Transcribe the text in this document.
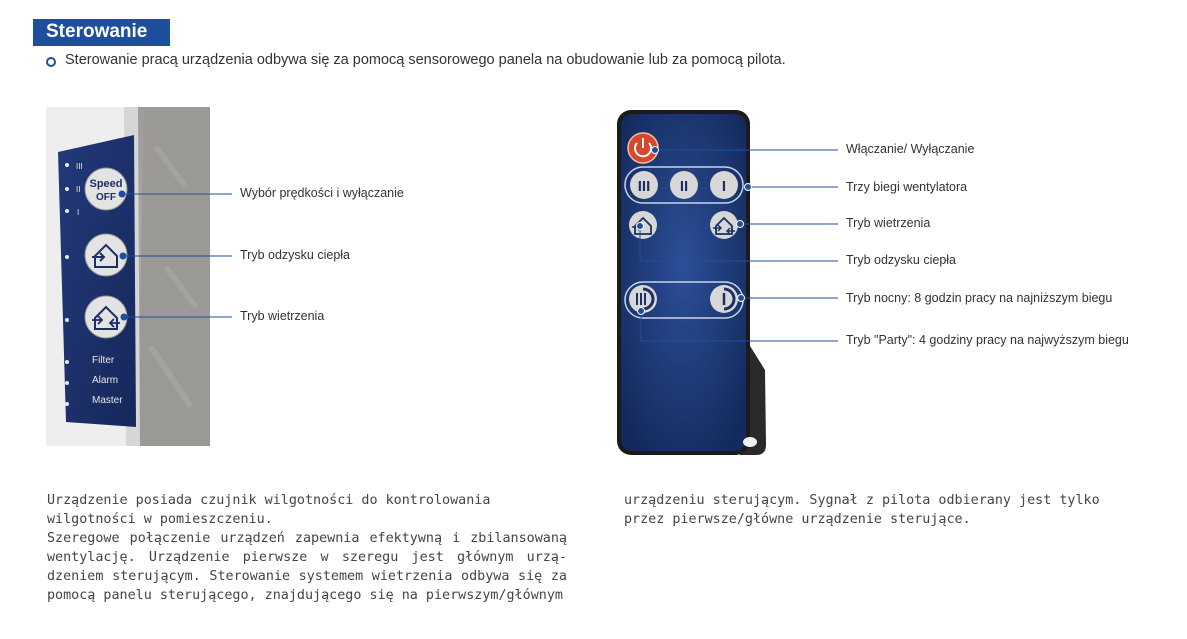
Sterowanie
Sterowanie pracą urządzenia odbywa się za pomocą sensorowego panela na obudowanie lub za pomocą pilota.
III
II
I
Speed
OFF
Filter
Alarm
Master
Wybór prędkości i wyłączanie
Tryb odzysku ciepła
Tryb wietrzenia
III II I
Włączanie/ Wyłączanie
Trzy biegi wentylatora
Tryb wietrzenia
Tryb odzysku ciepła
Tryb nocny: 8 godzin pracy na najniższym biegu
Tryb "Party": 4 godziny pracy na najwyższym biegu

Urządzenie posiada czujnik wilgotności do kontrolowania wilgotności w pomieszczeniu.

Szeregowe połączenie urządzeń zapewnia efektywną i zbilansowaną wentylację. Urządzenie pierwsze w szeregu jest głównym urzą-dzeniem sterującym. Sterowanie systemem wietrzenia odbywa się za pomocą panelu sterującego, znajdującego się na pierwszym/głównym

urządzeniu sterującym. Sygnał z pilota odbierany jest tylko przez pierwsze/główne urządzenie sterujące.
